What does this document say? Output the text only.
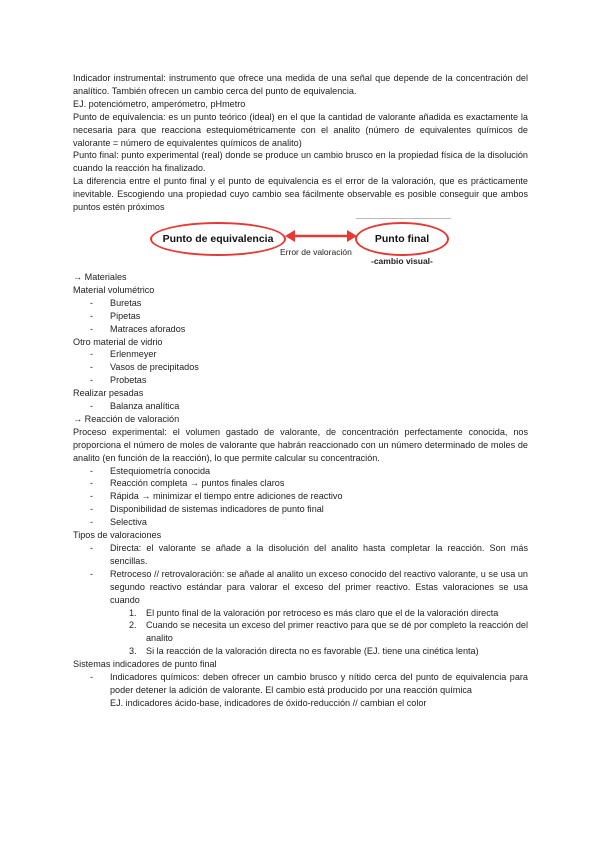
Indicador instrumental: instrumento que ofrece una medida de una señal que depende de la concentración del analítico. También ofrecen un cambio cerca del punto de equivalencia.

EJ. potenciómetro, amperómetro, pHmetro

Punto de equivalencia: es un punto teórico (ideal) en el que la cantidad de valorante añadida es exactamente la necesaria para que reacciona estequiométricamente con el analito (número de equivalentes químicos de valorante = número de equivalentes químicos de analito)

Punto final: punto experimental (real) donde se produce un cambio brusco en la propiedad física de la disolución cuando la reacción ha finalizado.

La diferencia entre el punto final y el punto de equivalencia es el error de la valoración, que es prácticamente inevitable. Escogiendo una propiedad cuyo cambio sea fácilmente observable es posible conseguir que ambos puntos estén próximos

Punto de equivalencia	Punto final
Error de valoración
-cambio visual-

→ Materiales

Material volumétrico

- Buretas
- Pipetas
- Matraces aforados

Otro material de vidrio

- Erlenmeyer
- Vasos de precipitados
- Probetas

Realizar pesadas

- Balanza analítica

→ Reacción de valoración

Proceso experimental: el volumen gastado de valorante, de concentración perfectamente conocida, nos proporciona el número de moles de valorante que habrán reaccionado con un número determinado de moles de analito (en función de la reacción), lo que permite calcular su concentración.

- Estequiometría conocida
- Reacción completa → puntos finales claros
- Rápida → minimizar el tiempo entre adiciones de reactivo
- Disponibilidad de sistemas indicadores de punto final
- Selectiva

Tipos de valoraciones

- Directa: el valorante se añade a la disolución del analito hasta completar la reacción. Son más sencillas.
- Retroceso // retrovaloración: se añade al analito un exceso conocido del reactivo valorante, u se usa un segundo reactivo estándar para valorar el exceso del primer reactivo. Estas valoraciones se usa cuando
1. El punto final de la valoración por retroceso es más claro que el de la valoración directa
2. Cuando se necesita un exceso del primer reactivo para que se dé por completo la reacción del analito
3. Si la reacción de la valoración directa no es favorable (EJ. tiene una cinética lenta)

Sistemas indicadores de punto final

- Indicadores químicos: deben ofrecer un cambio brusco y nítido cerca del punto de equivalencia para poder detener la adición de valorante. El cambio está producido por una reacción química

EJ. indicadores ácido-base, indicadores de óxido-reducción // cambian el color
